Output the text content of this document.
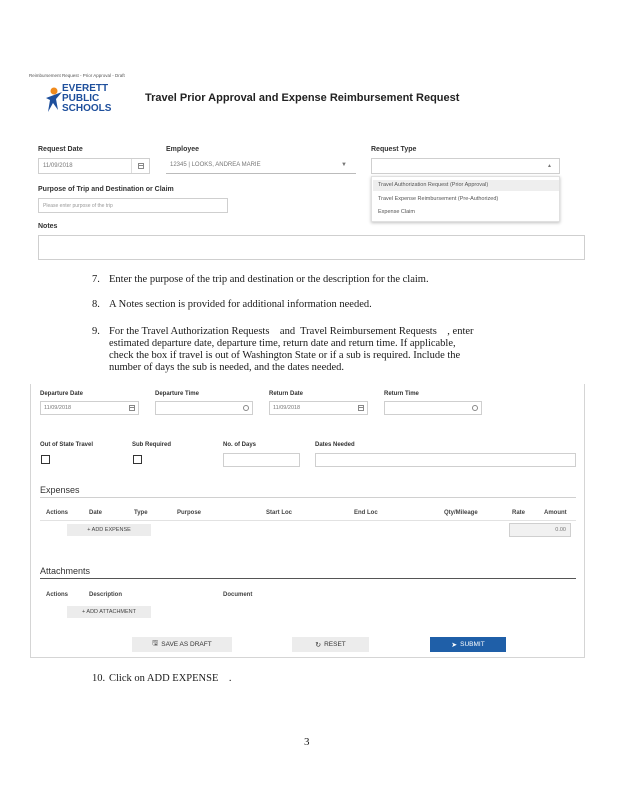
Reimbursement Request - Prior Approval - Draft
EVERETT
PUBLIC
SCHOOLS
Travel Prior Approval and Expense Reimbursement Request
Request Date
11/09/2018
Employee
12345 | LOOKS, ANDREA MARIE	▼
Request Type
▲
Travel Authorization Request (Prior Approval)
Travel Expense Reimbursement (Pre-Authorized)
Expense Claim
Purpose of Trip and Destination or Claim
Please enter purpose of the trip
Notes
7. Enter the purpose of the trip and destination or the description for the claim.
8. A Notes section is provided for additional information needed.
9. For the Travel Authorization Requests    and  Travel Reimbursement Requests    , enter
estimated departure date, departure time, return date and return time. If applicable,
check the box if travel is out of Washington State or if a sub is required. Include the
number of days the sub is needed, and the dates needed.
Departure Date
11/09/2018
Departure Time	Return Date
11/09/2018
Return Time
Out of State Travel	Sub Required	No. of Days	Dates Needed
Expenses
Actions	Date	Type	Purpose	Start Loc	End Loc	Qty/Mileage	Rate	Amount
+ ADD EXPENSE	0.00
Attachments
Actions	Description	Document
+ ADD ATTACHMENT
🖫 SAVE AS DRAFT	↻ RESET	➤ SUBMIT
10. Click on ADD EXPENSE    .
3
